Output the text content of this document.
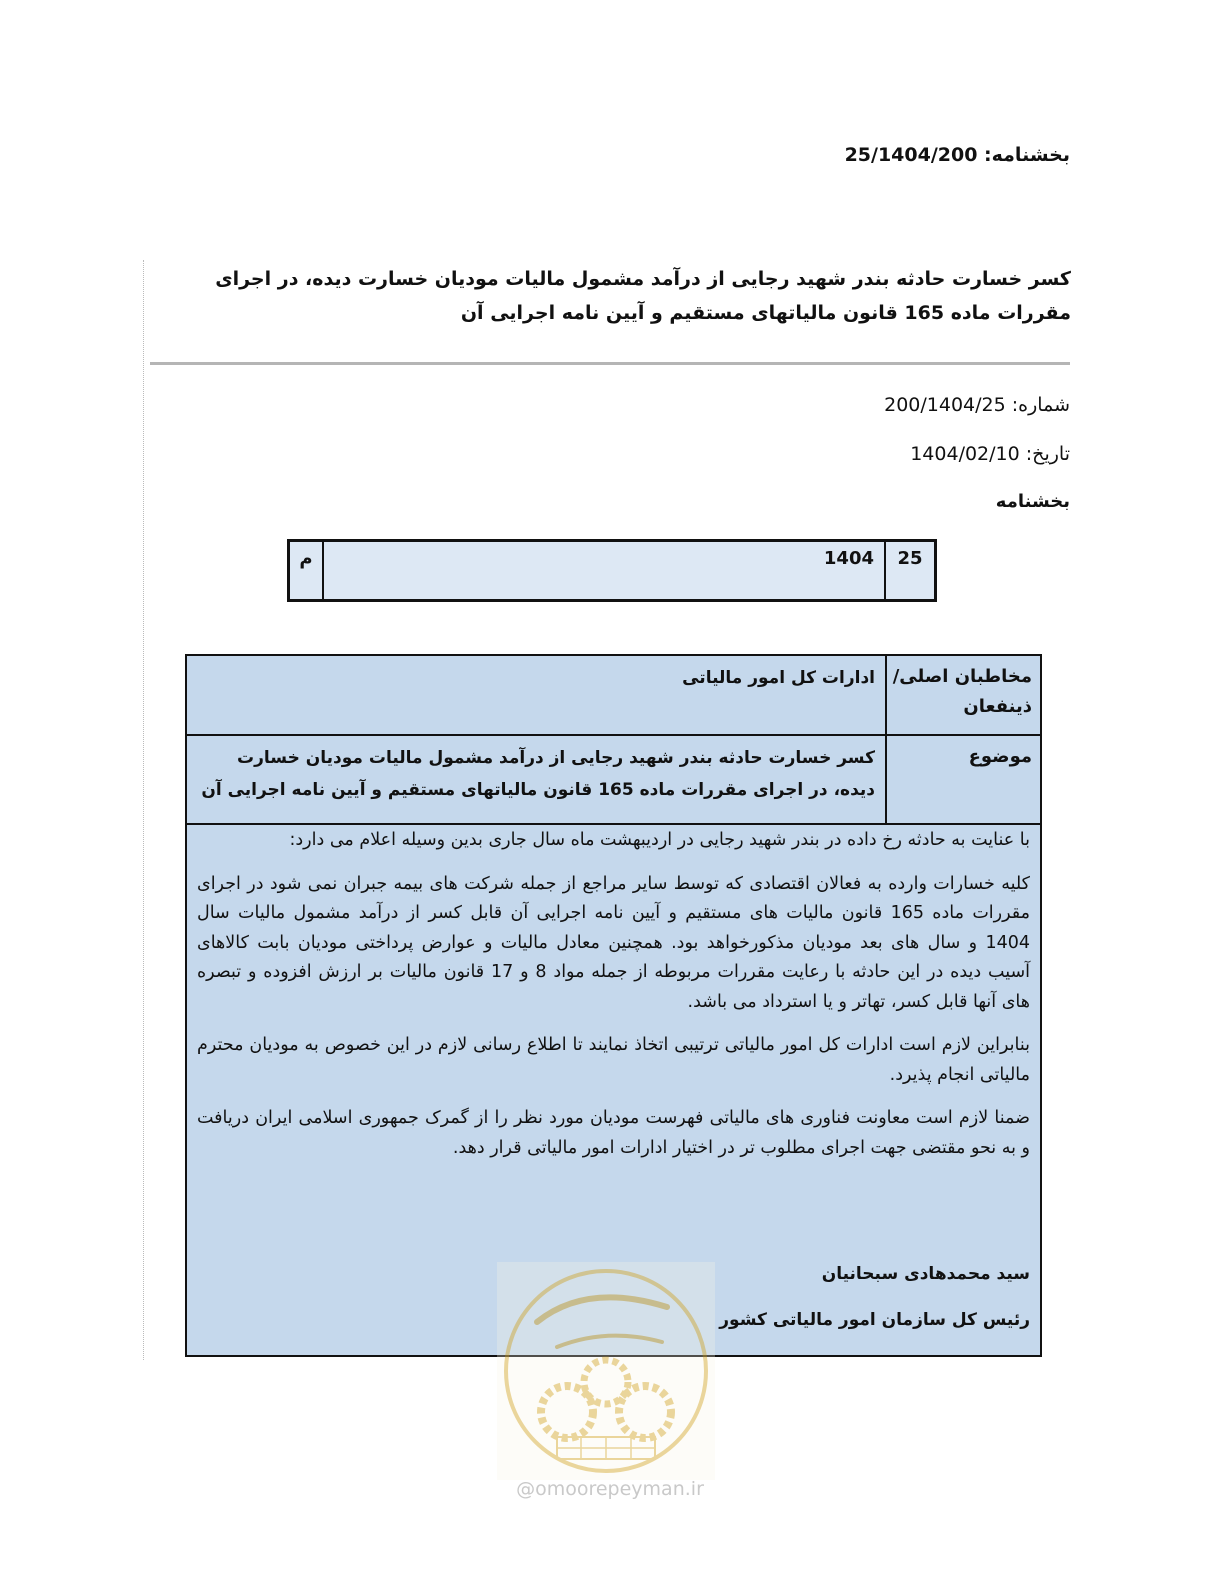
بخشنامه: 25/1404/200
کسر خسارت حادثه بندر شهید رجایی از درآمد مشمول مالیات مودیان خسارت دیده، در اجرای مقررات ماده 165 قانون مالیاتهای مستقیم و آیین نامه اجرایی آن
شماره: 200/1404/25
تاریخ: 1404/02/10
بخشنامه
25
1404
م
مخاطبان اصلی/ ذینفعان
ادارات کل امور مالیاتی
موضوع
کسر خسارت حادثه بندر شهید رجایی از درآمد مشمول مالیات مودیان خسارت دیده، در اجرای مقررات ماده 165 قانون مالیاتهای مستقیم و آیین نامه اجرایی آن

با عنایت به حادثه رخ داده در بندر شهید رجایی در اردیبهشت ماه سال جاری بدین وسیله اعلام می دارد:

کلیه خسارات وارده به فعالان اقتصادی که توسط سایر مراجع از جمله شرکت های بیمه جبران نمی شود در اجرای مقررات ماده 165 قانون مالیات های مستقیم و آیین نامه اجرایی آن قابل کسر از درآمد مشمول مالیات سال 1404 و سال های بعد مودیان مذکورخواهد بود. همچنین معادل مالیات و عوارض پرداختی مودیان بابت کالاهای آسیب دیده در این حادثه با رعایت مقررات مربوطه از جمله مواد 8 و 17 قانون مالیات بر ارزش افزوده و تبصره های آنها قابل کسر، تهاتر و یا استرداد می باشد.

بنابراین لازم است ادارات کل امور مالیاتی ترتیبی اتخاذ نمایند تا اطلاع رسانی لازم در این خصوص به مودیان محترم مالیاتی انجام پذیرد.

ضمنا لازم است معاونت فناوری های مالیاتی فهرست مودیان مورد نظر را از گمرک جمهوری اسلامی ایران دریافت و به نحو مقتضی جهت اجرای مطلوب تر در اختیار ادارات امور مالیاتی قرار دهد.

سید محمدهادی سبحانیان
رئیس کل سازمان امور مالیاتی کشور
@omoorepeyman.ir
